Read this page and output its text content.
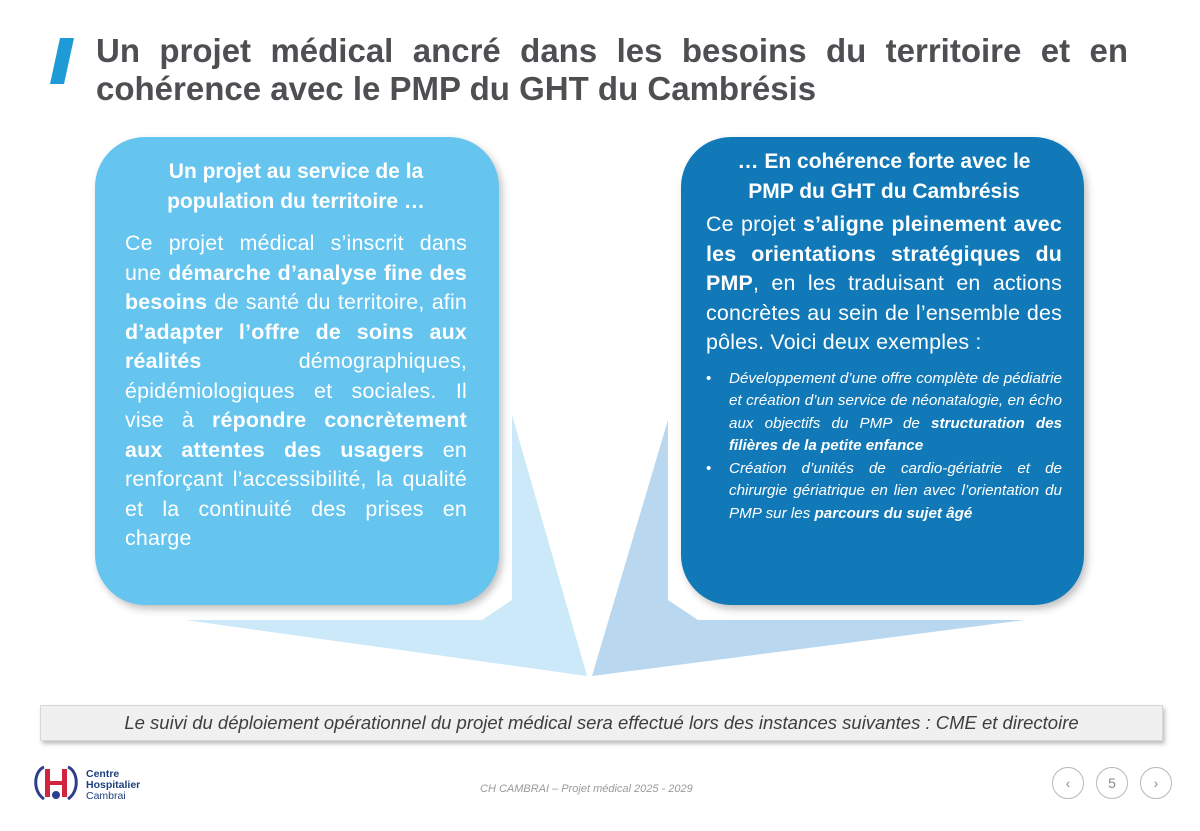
Un projet médical ancré dans les besoins du territoire et en
cohérence avec le PMP du GHT du Cambrésis
Un projet au service de la
population du territoire …

Ce projet médical s’inscrit dans une démarche d’analyse fine des besoins de santé du territoire, afin d’adapter l’offre de soins aux réalités démographiques, épidémiologiques et sociales. Il vise à répondre concrètement aux attentes des usagers en renforçant l’accessibilité, la qualité et la continuité des prises en charge

… En cohérence forte avec le
PMP du GHT du Cambrésis

Ce projet s’aligne pleinement avec les orientations stratégiques du PMP, en les traduisant en actions concrètes au sein de l’ensemble des pôles. Voici deux exemples :

• Développement d’une offre complète de pédiatrie et création d’un service de néonatalogie, en écho aux objectifs du PMP de structuration des filières de la petite enfance
• Création d’unités de cardio-gériatrie et de chirurgie gériatrique en lien avec l’orientation du PMP sur les parcours du sujet âgé
Le suivi du déploiement opérationnel du projet médical sera effectué lors des instances suivantes : CME et directoire
Centre
Hospitalier
Cambrai
CH CAMBRAI – Projet médical 2025 - 2029	‹	5	›
